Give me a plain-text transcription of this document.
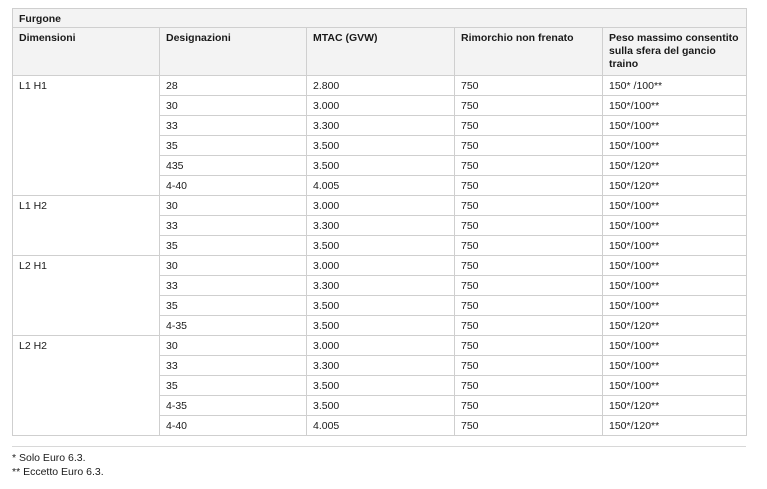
Furgone				
Dimensioni	Designazioni	MTAC (GVW)	Rimorchio non frenato	Peso massimo consentito sulla sfera del gancio traino
L1 H1	28	2.800	750	150* /100**
	30	3.000	750	150*/100**
	33	3.300	750	150*/100**
	35	3.500	750	150*/100**
	435	3.500	750	150*/120**
	4-40	4.005	750	150*/120**
L1 H2	30	3.000	750	150*/100**
	33	3.300	750	150*/100**
	35	3.500	750	150*/100**
L2 H1	30	3.000	750	150*/100**
	33	3.300	750	150*/100**
	35	3.500	750	150*/100**
	4-35	3.500	750	150*/120**
L2 H2	30	3.000	750	150*/100**
	33	3.300	750	150*/100**
	35	3.500	750	150*/100**
	4-35	3.500	750	150*/120**
	4-40	4.005	750	150*/120**
* Solo Euro 6.3.
** Eccetto Euro 6.3.
